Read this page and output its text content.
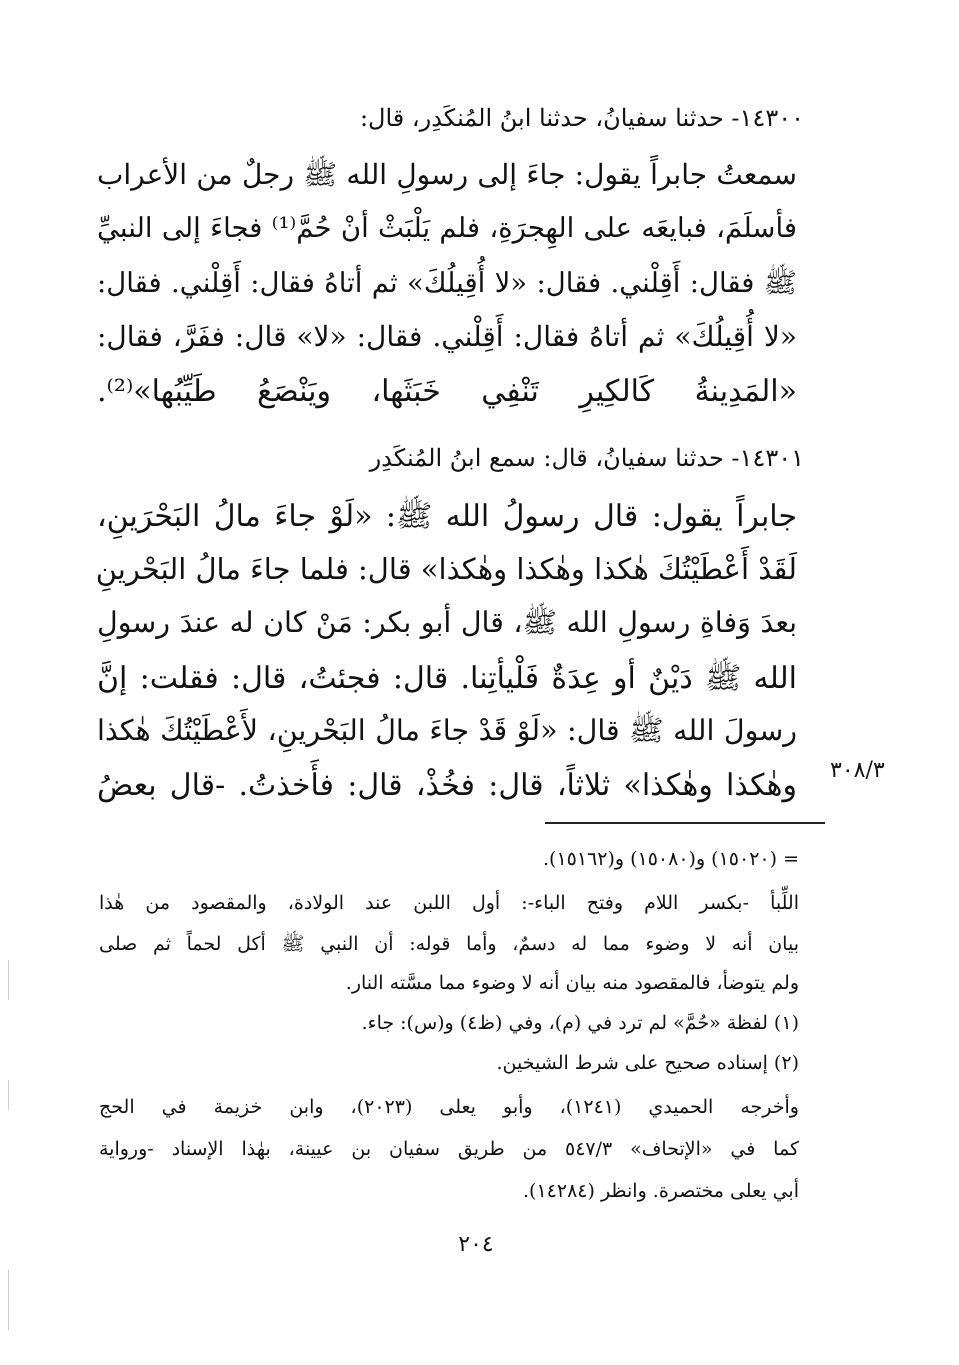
١٤٣٠٠- حدثنا سفيانُ، حدثنا ابنُ المُنكَدِر، قال:
سمعتُ جابراً يقول: جاءَ إلى رسولِ الله ﷺ رجلٌ من الأعراب
فأسلَمَ، فبايعَه على الهِجرَةِ، فلم يَلْبَثْ أنْ حُمَّ⁽¹⁾ فجاءَ إلى النبيِّ
ﷺ فقال: أَقِلْني. فقال: «لا أُقِيلُكَ» ثم أتاهُ فقال: أَقِلْني. فقال:
«لا أُقِيلُكَ» ثم أتاهُ فقال: أَقِلْني. فقال: «لا» قال: ففَرَّ، فقال:
«المَدِينةُ كَالكِيرِ تَنْفِي خَبَثَها، ويَنْصَعُ طَيِّبُها»⁽²⁾.
١٤٣٠١- حدثنا سفيانُ، قال: سمع ابنُ المُنكَدِر
جابراً يقول: قال رسولُ الله ﷺ: «لَوْ جاءَ مالُ البَحْرَينِ،
لَقَدْ أَعْطَيْتُكَ هٰكذا وهٰكذا وهٰكذا» قال: فلما جاءَ مالُ البَحْرينِ
بعدَ وَفاةِ رسولِ الله ﷺ، قال أبو بكر: مَنْ كان له عندَ رسولِ
الله ﷺ دَيْنٌ أو عِدَةٌ فَلْيأتِنا. قال: فجئتُ، قال: فقلت: إنَّ
رسولَ الله ﷺ قال: «لَوْ قَدْ جاءَ مالُ البَحْرينِ، لأَعْطَيْتُكَ هٰكذا
وهٰكذا وهٰكذا» ثلاثاً، قال: فخُذْ، قال: فأَخذتُ. -قال بعضُ ٣٠٨/٣
= (١٥٠٢٠) و(١٥٠٨٠) و(١٥١٦٢).
اللِّبأ -بكسر اللام وفتح الباء-: أول اللبن عند الولادة، والمقصود من هٰذا
بيان أنه لا وضوء مما له دسمٌ، وأما قوله: أن النبي ﷺ أكل لحماً ثم صلى
ولم يتوضأ، فالمقصود منه بيان أنه لا وضوء مما مسَّته النار.
(١) لفظة «حُمَّ» لم ترد في (م)، وفي (ظ٤) و(س): جاء.
(٢) إسناده صحيح على شرط الشيخين.
وأخرجه الحميدي (١٢٤١)، وأبو يعلى (٢٠٢٣)، وابن خزيمة في الحج
كما في «الإتحاف» ٥٤٧/٣ من طريق سفيان بن عيينة، بهٰذا الإسناد -ورواية
أبي يعلى مختصرة. وانظر (١٤٢٨٤).
٢٠٤
